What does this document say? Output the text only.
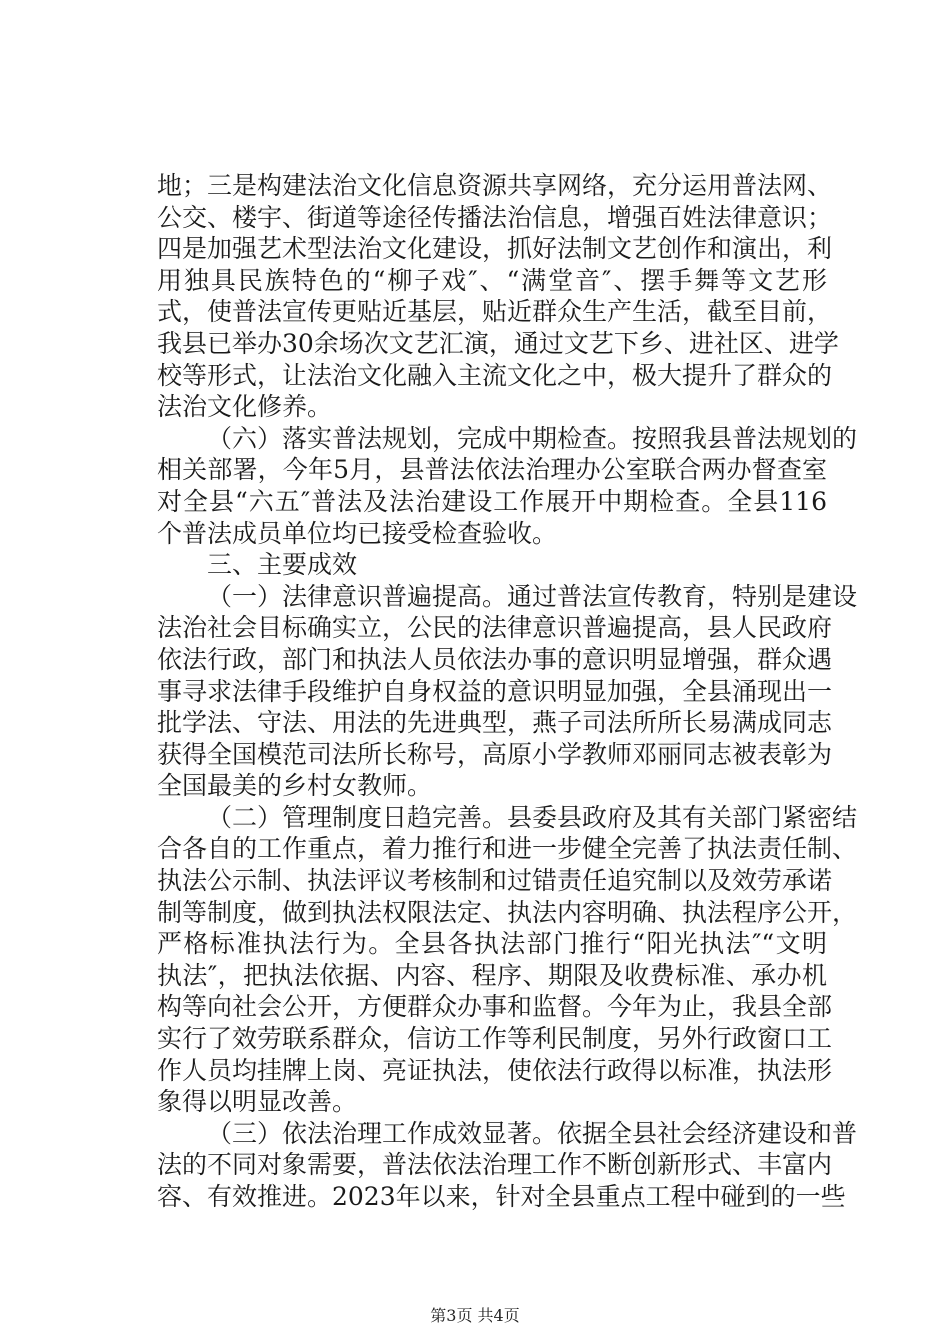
地；三是构建法治文化信息资源共享网络，充分运用普法网、
公交、楼宇、街道等途径传播法治信息，增强百姓法律意识；
四是加强艺术型法治文化建设，抓好法制文艺创作和演出，利
用独具民族特色的“柳子戏″、“满堂音″、摆手舞等文艺形
式，使普法宣传更贴近基层，贴近群众生产生活，截至目前，
我县已举办30余场次文艺汇演，通过文艺下乡、进社区、进学
校等形式，让法治文化融入主流文化之中，极大提升了群众的
法治文化修养。
（六）落实普法规划，完成中期检查。按照我县普法规划的
相关部署，今年5月，县普法依法治理办公室联合两办督查室
对全县“六五″普法及法治建设工作展开中期检查。全县116
个普法成员单位均已接受检查验收。
三、主要成效
（一）法律意识普遍提高。通过普法宣传教育，特别是建设
法治社会目标确实立，公民的法律意识普遍提高，县人民政府
依法行政，部门和执法人员依法办事的意识明显增强，群众遇
事寻求法律手段维护自身权益的意识明显加强，全县涌现出一
批学法、守法、用法的先进典型，燕子司法所所长易满成同志
获得全国模范司法所长称号，高原小学教师邓丽同志被表彰为
全国最美的乡村女教师。
（二）管理制度日趋完善。县委县政府及其有关部门紧密结
合各自的工作重点，着力推行和进一步健全完善了执法责任制、
执法公示制、执法评议考核制和过错责任追究制以及效劳承诺
制等制度，做到执法权限法定、执法内容明确、执法程序公开，
严格标准执法行为。全县各执法部门推行“阳光执法″“文明
执法″，把执法依据、内容、程序、期限及收费标准、承办机
构等向社会公开，方便群众办事和监督。今年为止，我县全部
实行了效劳联系群众，信访工作等利民制度，另外行政窗口工
作人员均挂牌上岗、亮证执法，使依法行政得以标准，执法形
象得以明显改善。
（三）依法治理工作成效显著。依据全县社会经济建设和普
法的不同对象需要，普法依法治理工作不断创新形式、丰富内
容、有效推进。2023年以来，针对全县重点工程中碰到的一些
第3页 共4页
